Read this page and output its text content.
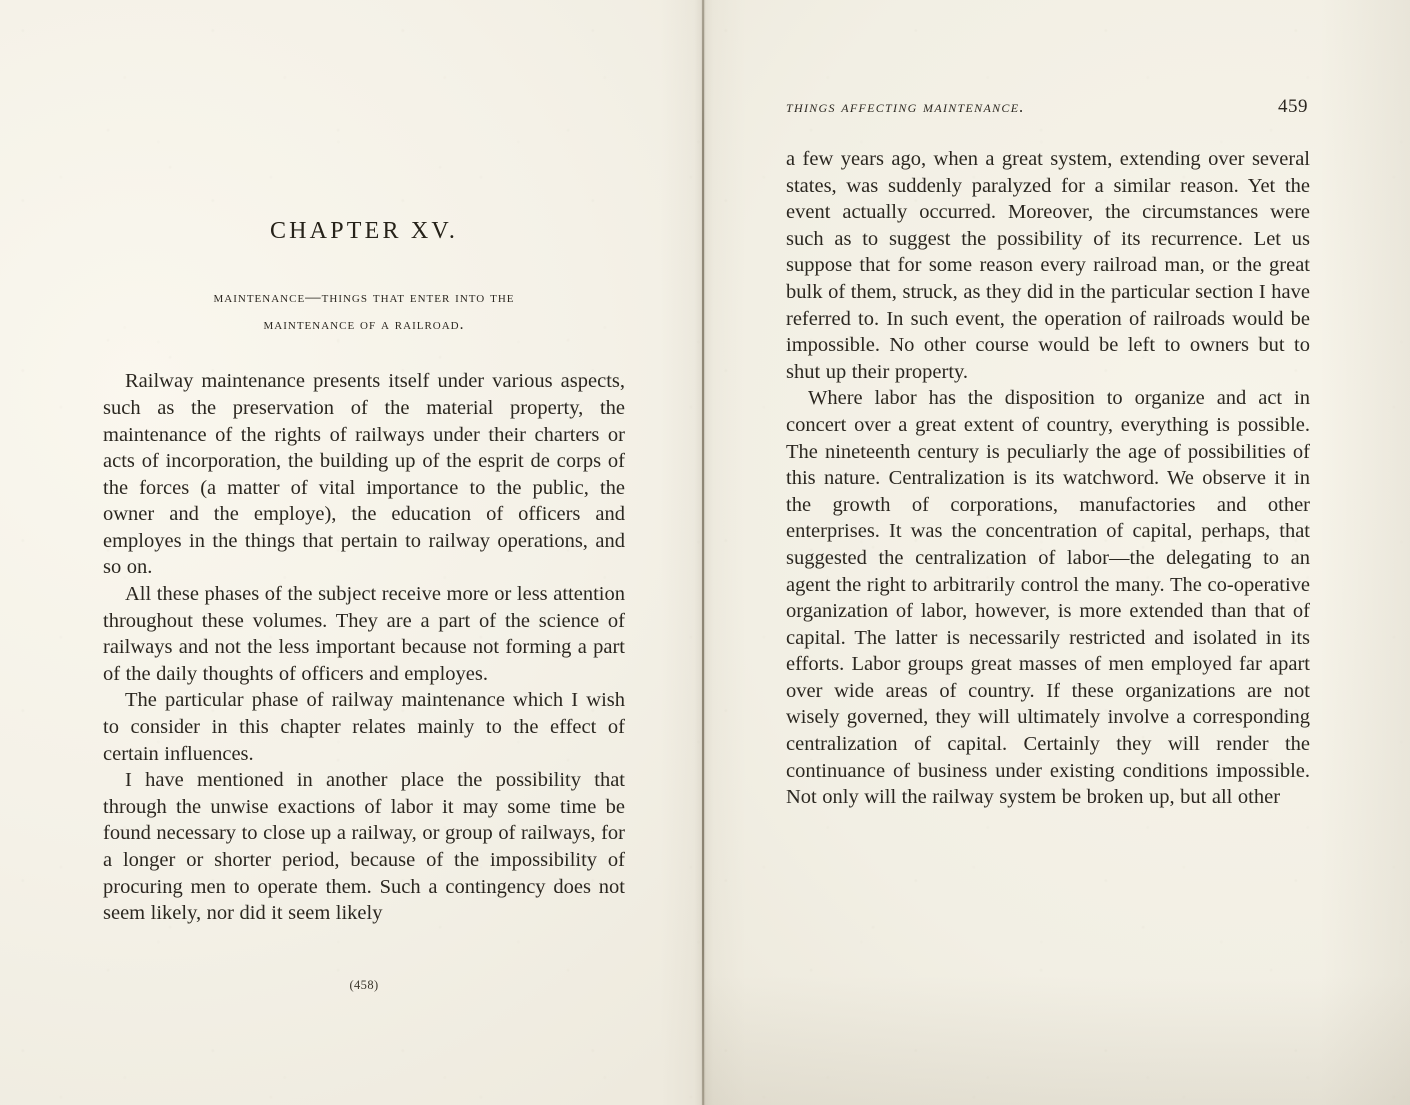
CHAPTER XV.
maintenance—things that enter into the
maintenance of a railroad.

Railway maintenance presents itself under various aspects, such as the preservation of the material property, the maintenance of the rights of railways under their charters or acts of incorporation, the building up of the esprit de corps of the forces (a matter of vital importance to the public, the owner and the employe), the education of officers and employes in the things that pertain to railway operations, and so on.

All these phases of the subject receive more or less attention throughout these volumes. They are a part of the science of railways and not the less important because not forming a part of the daily thoughts of officers and employes.

The particular phase of railway maintenance which I wish to consider in this chapter relates mainly to the effect of certain influences.

I have mentioned in another place the possibility that through the unwise exactions of labor it may some time be found necessary to close up a railway, or group of railways, for a longer or shorter period, because of the impossibility of procuring men to operate them. Such a contingency does not seem likely, nor did it seem likely

(458)
things affecting maintenance.	459

a few years ago, when a great system, extending over several states, was suddenly paralyzed for a similar reason. Yet the event actually occurred. Moreover, the circumstances were such as to suggest the possibility of its recurrence. Let us suppose that for some reason every railroad man, or the great bulk of them, struck, as they did in the particular section I have referred to. In such event, the operation of railroads would be impossible. No other course would be left to owners but to shut up their property.

Where labor has the disposition to organize and act in concert over a great extent of country, everything is possible. The nineteenth century is peculiarly the age of possibilities of this nature. Centralization is its watchword. We observe it in the growth of corporations, manufactories and other enterprises. It was the concentration of capital, perhaps, that suggested the centralization of labor—the delegating to an agent the right to arbitrarily control the many. The co-operative organization of labor, however, is more extended than that of capital. The latter is necessarily restricted and isolated in its efforts. Labor groups great masses of men employed far apart over wide areas of country. If these organizations are not wisely governed, they will ultimately involve a corresponding centralization of capital. Certainly they will render the continuance of business under existing conditions impossible. Not only will the railway system be broken up, but all other
